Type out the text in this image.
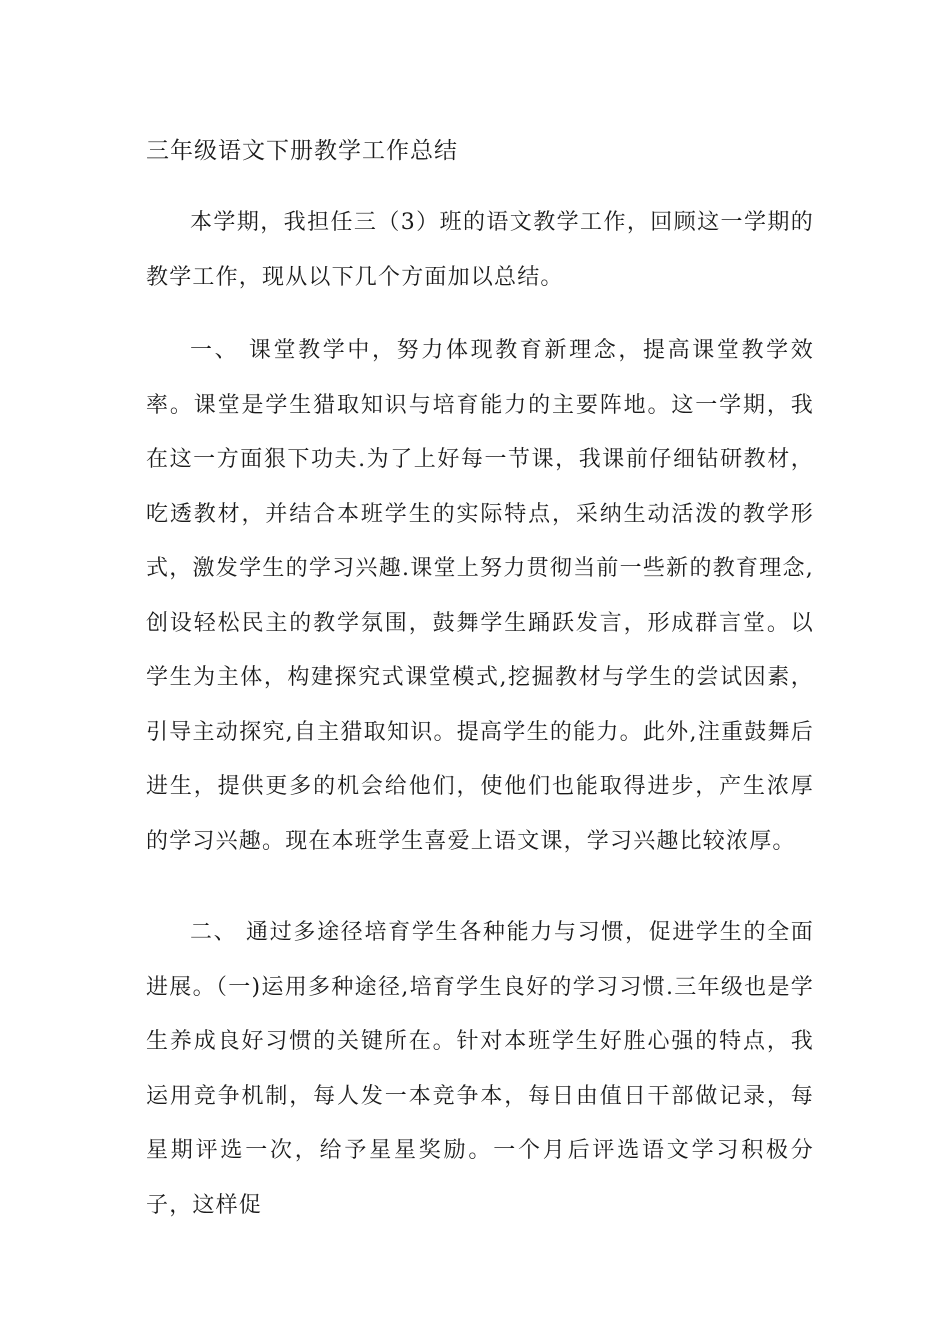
三年级语文下册教学工作总结

本学期，我担任三（3）班的语文教学工作，回顾这一学期的教学工作，现从以下几个方面加以总结。

一、 课堂教学中，努力体现教育新理念，提高课堂教学效率。课堂是学生猎取知识与培育能力的主要阵地。这一学期，我在这一方面狠下功夫.为了上好每一节课，我课前仔细钻研教材，吃透教材，并结合本班学生的实际特点，采纳生动活泼的教学形式，激发学生的学习兴趣.课堂上努力贯彻当前一些新的教育理念,创设轻松民主的教学氛围，鼓舞学生踊跃发言，形成群言堂。以学生为主体，构建探究式课堂模式,挖掘教材与学生的尝试因素，引导主动探究,自主猎取知识。提高学生的能力。此外,注重鼓舞后进生，提供更多的机会给他们，使他们也能取得进步，产生浓厚的学习兴趣。现在本班学生喜爱上语文课，学习兴趣比较浓厚。

二、 通过多途径培育学生各种能力与习惯，促进学生的全面进展。（一)运用多种途径,培育学生良好的学习习惯.三年级也是学生养成良好习惯的关键所在。针对本班学生好胜心强的特点，我运用竞争机制，每人发一本竞争本，每日由值日干部做记录，每星期评选一次，给予星星奖励。一个月后评选语文学习积极分子，这样促
